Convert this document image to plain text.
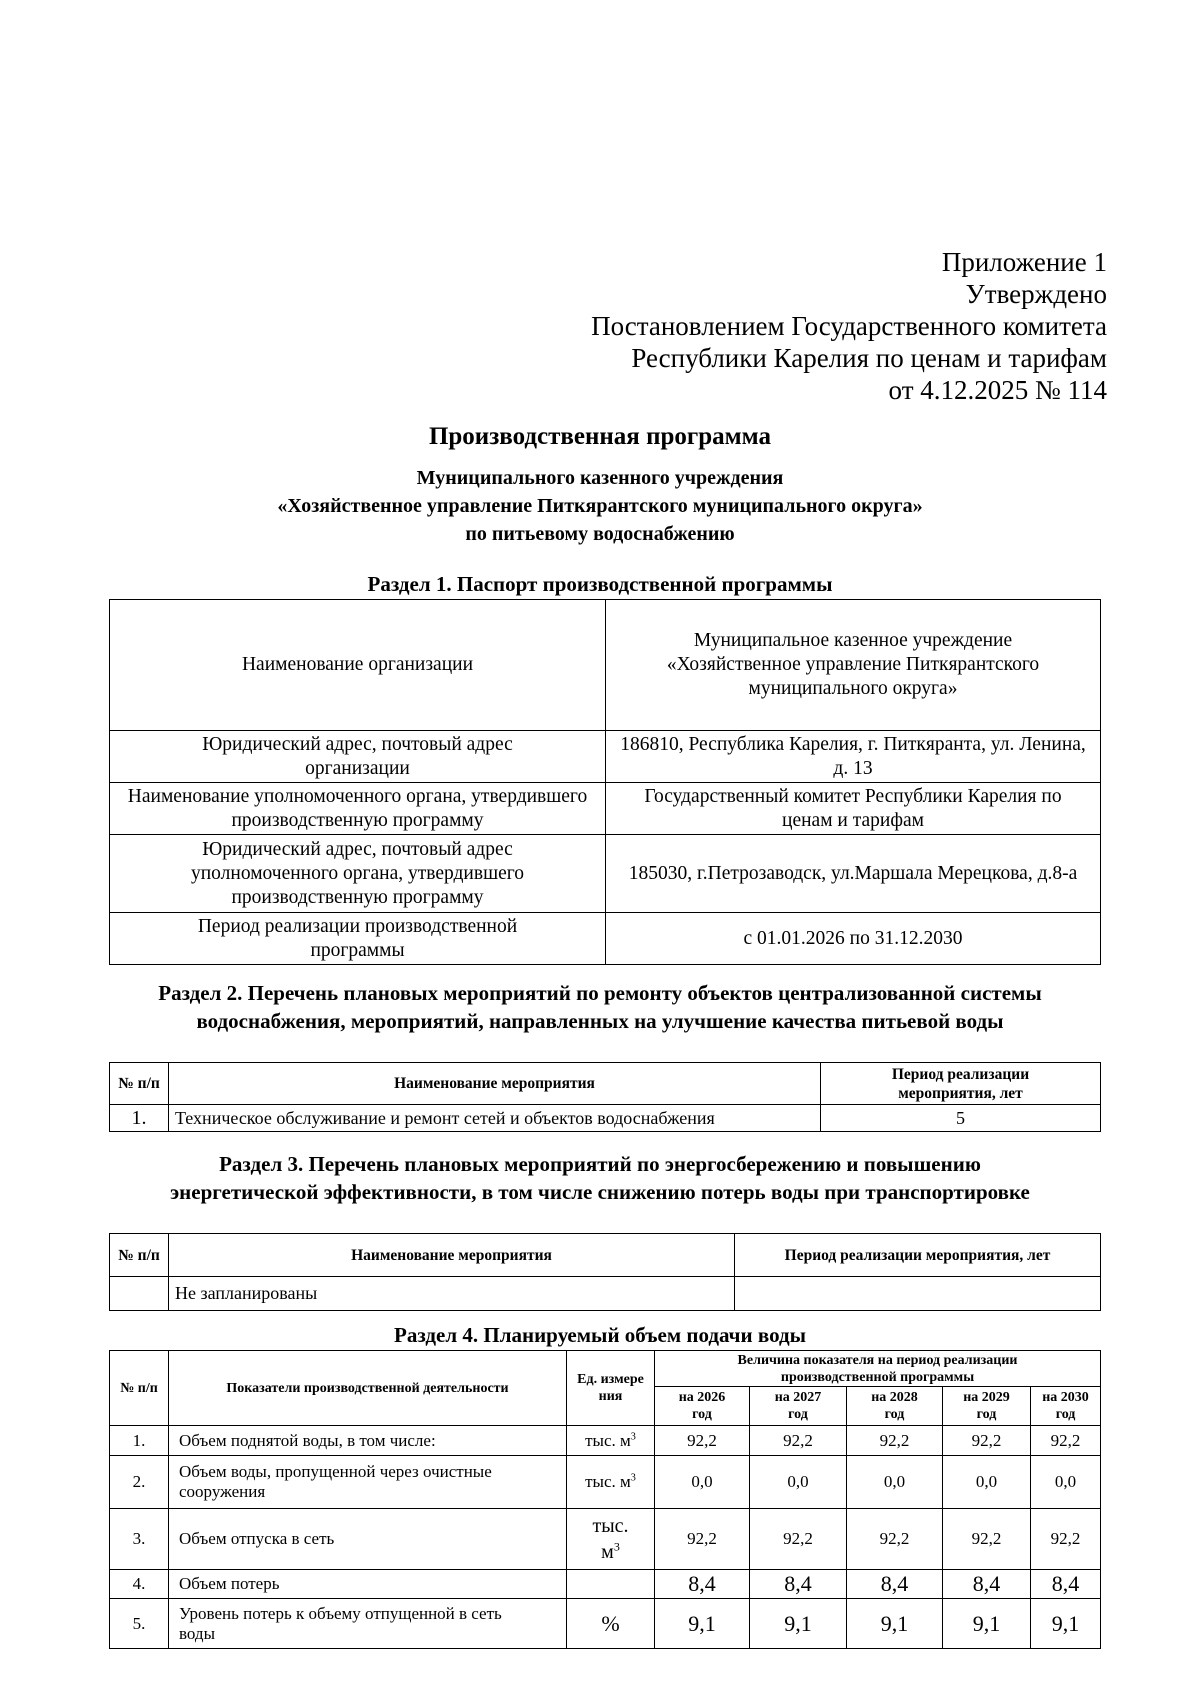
Приложение 1
Утверждено
Постановлением Государственного комитета
Республики Карелия по ценам и тарифам
от 4.12.2025 № 114
Производственная программа
Муниципального казенного учреждения
«Хозяйственное управление Питкярантского муниципального округа»
по питьевому водоснабжению
Раздел 1. Паспорт производственной программы
Наименование организации	Муниципальное казенное учреждение «Хозяйственное управление Питкярантского муниципального округа»
Юридический адрес, почтовый адрес организации	186810, Республика Карелия, г. Питкяранта, ул. Ленина, д. 13
Наименование уполномоченного органа, утвердившего производственную программу	Государственный комитет Республики Карелия по ценам и тарифам
Юридический адрес, почтовый адрес уполномоченного органа, утвердившего производственную программу	185030, г.Петрозаводск, ул.Маршала Мерецкова, д.8-а
Период реализации производственной программы	с 01.01.2026 по 31.12.2030
Раздел 2. Перечень плановых мероприятий по ремонту объектов централизованной системы водоснабжения, мероприятий, направленных на улучшение качества питьевой воды
№ п/п	Наименование мероприятия	Период реализации мероприятия, лет
1.	Техническое обслуживание и ремонт сетей и объектов водоснабжения	5
Раздел 3. Перечень плановых мероприятий по энергосбережению и повышению энергетической эффективности, в том числе снижению потерь воды при транспортировке
№ п/п	Наименование мероприятия	Период реализации мероприятия, лет
	Не запланированы	
Раздел 4. Планируемый объем подачи воды
№ п/п	Показатели производственной деятельности	Ед. измере ния	Величина показателя на период реализации производственной программы				
			на 2026 год	на 2027 год	на 2028 год	на 2029 год	на 2030 год
1.	Объем поднятой воды, в том числе:	тыс. $м^3$	92,2	92,2	92,2	92,2	92,2
2.	Объем воды, пропущенной через очистные сооружения	тыс. $м^3$	0,0	0,0	0,0	0,0	0,0
3.	Объем отпуска в сеть	тыс. $м^3$	92,2	92,2	92,2	92,2	92,2
4.	Объем потерь		8,4	8,4	8,4	8,4	8,4
5.	Уровень потерь к объему отпущенной в сеть воды	%	9,1	9,1	9,1	9,1	9,1
